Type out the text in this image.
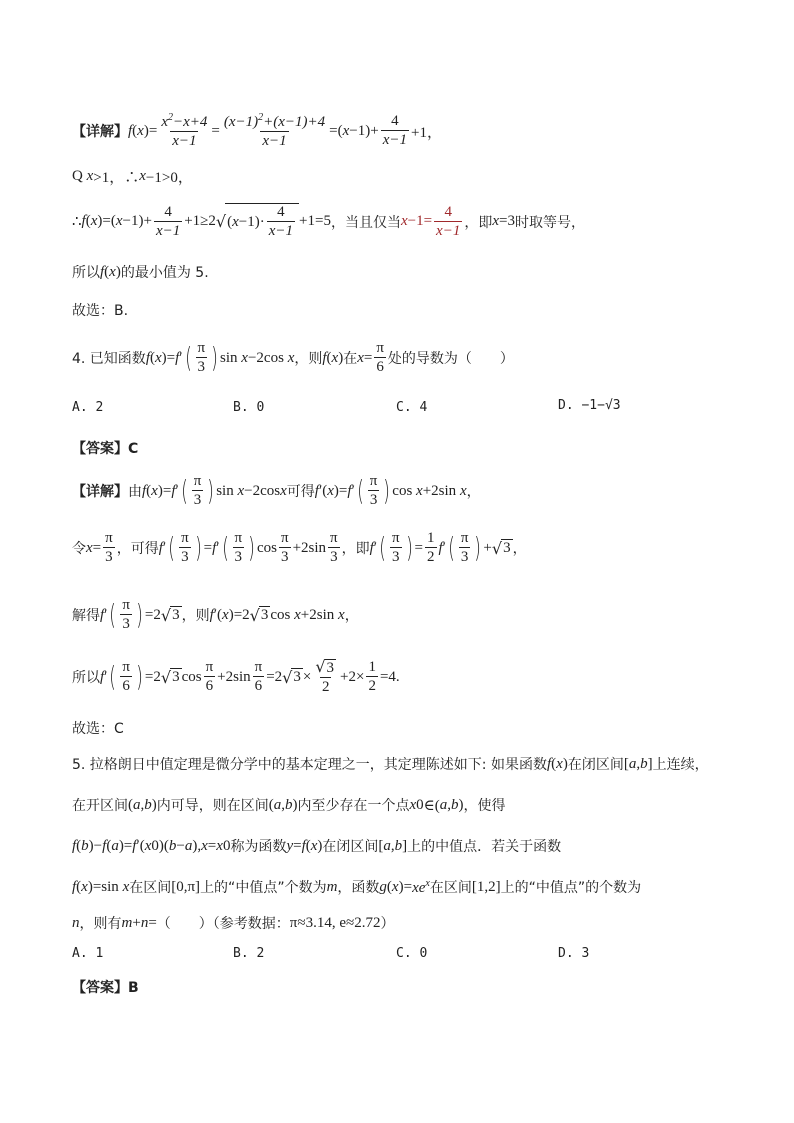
【详解】 f ( x )= $\frac{x^2-x+4}{x-1} = \frac{(x-1)^2+(x-1)+4}{x-1}$ =( $x -1)+ \frac{4}{x-1} +1$，
Q x >1，∴ x −1>0，
∴ f ( x )=( $x -1)+ \frac{4}{x-1} +1\ge 2$ √ ( $x -1)\cdot \frac{4}{x-1} +1=5$ ，当且仅当 $x -1= \frac{4}{x-1}$ ，即 x =3 时取等号，
所以 f ( x ) 的最小值为 5.
故选：B.
4. 已知函数 f ( x )= f ′ ( $\frac{\pi}{3}$ ) sin x −2cos x ，则 f ( x ) 在 $x = \frac{\pi}{6}$ 处的导数为（　　）
A. 2	B. 0	C. 4	D. −1−√3
【答案】C
【详解】 由 f ( x )= f ′ ( $\frac{\pi}{3}$ ) sin x −2cos x 可得 f ′( x )= f ′ ( $\frac{\pi}{3}$ ) cos x +2sin x ，
令 $x = \frac{\pi}{3}$ ，可得 f ′ ( $\frac{\pi}{3}$ ) = f ′ ( $\frac{\pi}{3}$ ) $\cos \frac{\pi}{3} +2\sin \frac{\pi}{3}$ ，即 f ′ ( $\frac{\pi}{3}$ ) = $\frac{1}{2}$ f ′ ( $\frac{\pi}{3}$ ) + √ 3 ，
解得 f ′ ( $\frac{\pi}{3}$ ) =2 √ 3 ，则 f ′( x )=2 √ 3 cos x +2sin x ，
所以 f ′ ( $\frac{\pi}{6}$ ) =2 √ 3 $\cos \frac{\pi}{6} +2\sin \frac{\pi}{6} =2$ √ $3 \times \frac{√3}{2} +2\times \frac{1}{2} =4$.
故选：C
5. 拉格朗日中值定理是微分学中的基本定理之一，其定理陈述如下: 如果函数 f ( x ) 在闭区间 [ a , b ] 上连续，
在开区间 ( a , b ) 内可导，则在区间 ( a , b ) 内至少存在一个点 x 0 ∈( a , b ) ，使得
f ( b )− f ( a )= f ′( x 0 )( b − a ), x = x 0 称为函数 y = f ( x ) 在闭区间 [ a , b ] 上的中值点．若关于函数
f ( x )=sin x 在区间 [0,π] 上的“中值点”个数为 m ，函数 g ( x )= $xe^x$ 在区间 [1,2] 上的“中值点”的个数为
n ，则有 m + n = （　　）（参考数据： π≈3.14, e≈2.72 ）
A. 1	B. 2	C. 0	D. 3
【答案】B
